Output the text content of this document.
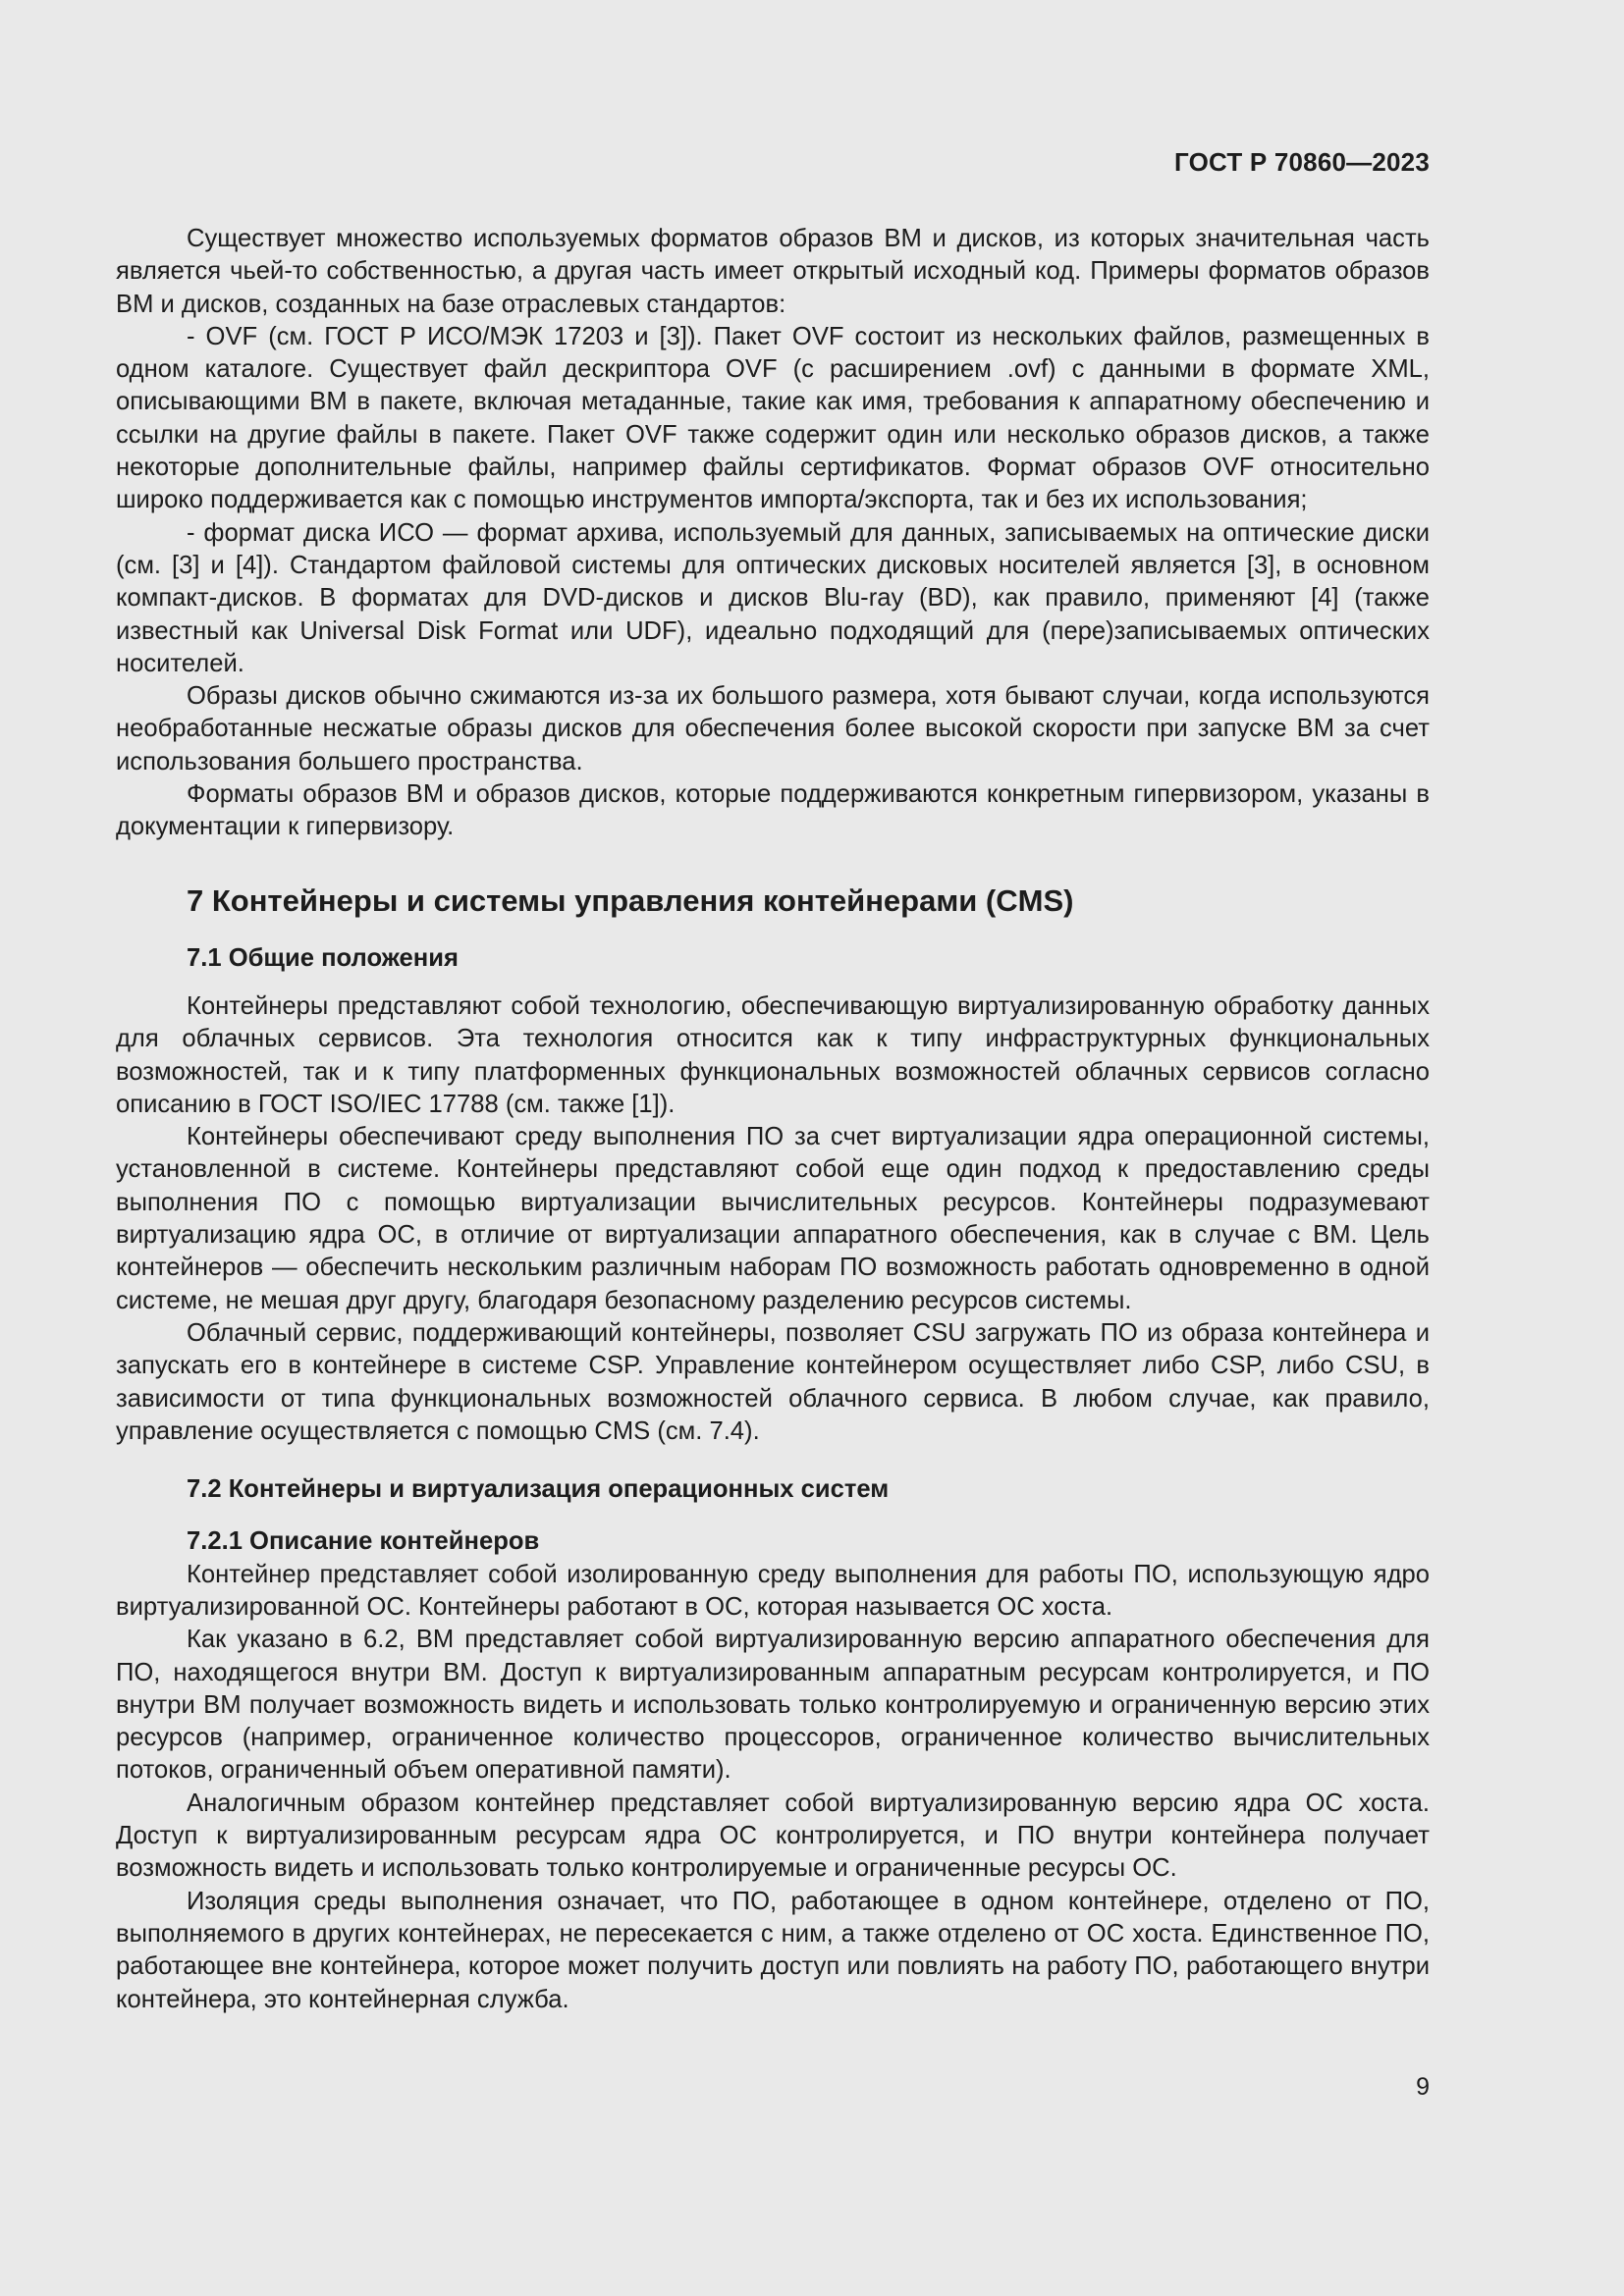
ГОСТ Р 70860—2023

Существует множество используемых форматов образов ВМ и дисков, из которых значительная часть является чьей-то собственностью, а другая часть имеет открытый исходный код. Примеры форматов образов ВМ и дисков, созданных на базе отраслевых стандартов:

- OVF (см. ГОСТ Р ИСО/МЭК 17203 и [3]). Пакет OVF состоит из нескольких файлов, размещенных в одном каталоге. Существует файл дескриптора OVF (с расширением .ovf) с данными в формате XML, описывающими ВМ в пакете, включая метаданные, такие как имя, требования к аппаратному обеспечению и ссылки на другие файлы в пакете. Пакет OVF также содержит один или несколько образов дисков, а также некоторые дополнительные файлы, например файлы сертификатов. Формат образов OVF относительно широко поддерживается как с помощью инструментов импорта/экспорта, так и без их использования;

- формат диска ИСО — формат архива, используемый для данных, записываемых на оптические диски (см. [3] и [4]). Стандартом файловой системы для оптических дисковых носителей является [3], в основном компакт-дисков. В форматах для DVD-дисков и дисков Blu-ray (BD), как правило, применяют [4] (также известный как Universal Disk Format или UDF), идеально подходящий для (пере)записываемых оптических носителей.

Образы дисков обычно сжимаются из-за их большого размера, хотя бывают случаи, когда используются необработанные несжатые образы дисков для обеспечения более высокой скорости при запуске ВМ за счет использования большего пространства.

Форматы образов ВМ и образов дисков, которые поддерживаются конкретным гипервизором, указаны в документации к гипервизору.

7 Контейнеры и системы управления контейнерами (CMS)
7.1 Общие положения

Контейнеры представляют собой технологию, обеспечивающую виртуализированную обработку данных для облачных сервисов. Эта технология относится как к типу инфраструктурных функциональных возможностей, так и к типу платформенных функциональных возможностей облачных сервисов согласно описанию в ГОСТ ISO/IEC 17788 (см. также [1]).

Контейнеры обеспечивают среду выполнения ПО за счет виртуализации ядра операционной системы, установленной в системе. Контейнеры представляют собой еще один подход к предоставлению среды выполнения ПО с помощью виртуализации вычислительных ресурсов. Контейнеры подразумевают виртуализацию ядра ОС, в отличие от виртуализации аппаратного обеспечения, как в случае с ВМ. Цель контейнеров — обеспечить нескольким различным наборам ПО возможность работать одновременно в одной системе, не мешая друг другу, благодаря безопасному разделению ресурсов системы.

Облачный сервис, поддерживающий контейнеры, позволяет CSU загружать ПО из образа контейнера и запускать его в контейнере в системе CSP. Управление контейнером осуществляет либо CSP, либо CSU, в зависимости от типа функциональных возможностей облачного сервиса. В любом случае, как правило, управление осуществляется с помощью CMS (см. 7.4).

7.2 Контейнеры и виртуализация операционных систем
7.2.1 Описание контейнеров

Контейнер представляет собой изолированную среду выполнения для работы ПО, использующую ядро виртуализированной ОС. Контейнеры работают в ОС, которая называется ОС хоста.

Как указано в 6.2, ВМ представляет собой виртуализированную версию аппаратного обеспечения для ПО, находящегося внутри ВМ. Доступ к виртуализированным аппаратным ресурсам контролируется, и ПО внутри ВМ получает возможность видеть и использовать только контролируемую и ограниченную версию этих ресурсов (например, ограниченное количество процессоров, ограниченное количество вычислительных потоков, ограниченный объем оперативной памяти).

Аналогичным образом контейнер представляет собой виртуализированную версию ядра ОС хоста. Доступ к виртуализированным ресурсам ядра ОС контролируется, и ПО внутри контейнера получает возможность видеть и использовать только контролируемые и ограниченные ресурсы ОС.

Изоляция среды выполнения означает, что ПО, работающее в одном контейнере, отделено от ПО, выполняемого в других контейнерах, не пересекается с ним, а также отделено от ОС хоста. Единственное ПО, работающее вне контейнера, которое может получить доступ или повлиять на работу ПО, работающего внутри контейнера, это контейнерная служба.

9
